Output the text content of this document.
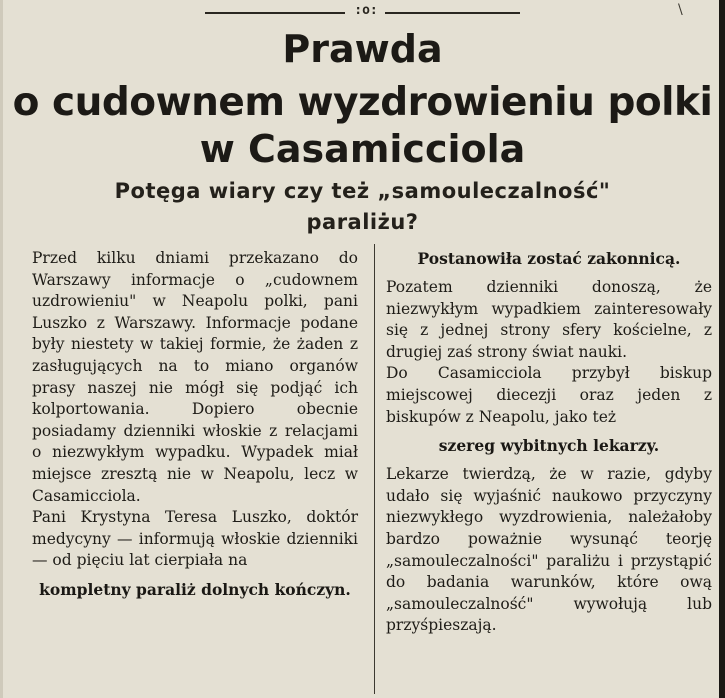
:o:	\
Prawda
o cudownem wyzdrowieniu polki
w Casamicciola
Potęga wiary czy też „samouleczalność"
paraliżu?

Przed kilku dniami przekazano do Warszawy informacje o „cudownem uzdrowieniu" w Neapolu polki, pani Luszko z Warszawy. Informacje podane były niestety w takiej formie, że żaden z zasługujących na to miano organów prasy naszej nie mógł się podjąć ich kolportowania. Dopiero obecnie posiadamy dzienniki włoskie z relacjami o niezwykłym wypadku. Wypadek miał miejsce zresztą nie w Neapolu, lecz w Casamicciola.

Pani Krystyna Teresa Luszko, doktór medycyny — informują włoskie dzienniki — od pięciu lat cierpiała na

kompletny paraliż dolnych kończyn.
Postanowiła zostać zakonnicą.

Pozatem dzienniki donoszą, że niezwykłym wypadkiem zainteresowały się z jednej strony sfery kościelne, z drugiej zaś strony świat nauki.

Do Casamicciola przybył biskup miejscowej diecezji oraz jeden z biskupów z Neapolu, jako też

szereg wybitnych lekarzy.

Lekarze twierdzą, że w razie, gdyby udało się wyjaśnić naukowo przyczyny niezwykłego wyzdrowienia, należałoby bardzo poważnie wysunąć teorję „samouleczalności" paraliżu i przystąpić do badania warunków, które ową „samouleczalność" wywołują lub przyśpieszają.
